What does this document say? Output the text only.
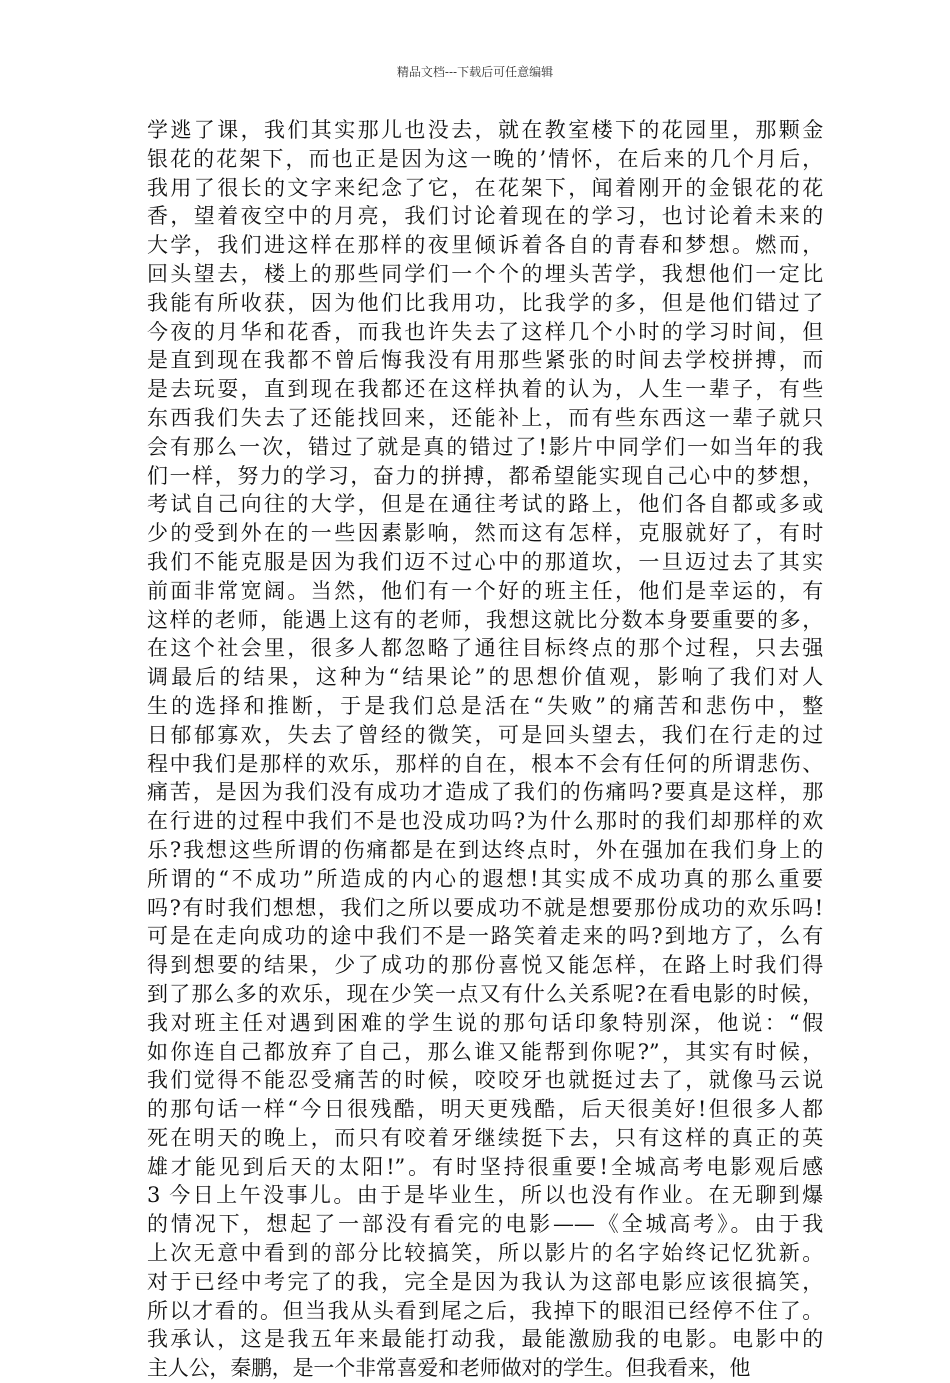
精品文档---下载后可任意编辑
学逃了课，我们其实那儿也没去，就在教室楼下的花园里，那颗金
银花的花架下，而也正是因为这一晚的’情怀，在后来的几个月后，
我用了很长的文字来纪念了它，在花架下，闻着刚开的金银花的花
香，望着夜空中的月亮，我们讨论着现在的学习，也讨论着未来的
大学，我们进这样在那样的夜里倾诉着各自的青春和梦想。燃而，
回头望去，楼上的那些同学们一个个的埋头苦学，我想他们一定比
我能有所收获，因为他们比我用功，比我学的多，但是他们错过了
今夜的月华和花香，而我也许失去了这样几个小时的学习时间，但
是直到现在我都不曾后悔我没有用那些紧张的时间去学校拼搏，而
是去玩耍，直到现在我都还在这样执着的认为，人生一辈子，有些
东西我们失去了还能找回来，还能补上，而有些东西这一辈子就只
会有那么一次，错过了就是真的错过了!影片中同学们一如当年的我
们一样，努力的学习，奋力的拼搏，都希望能实现自己心中的梦想，
考试自己向往的大学，但是在通往考试的路上，他们各自都或多或
少的受到外在的一些因素影响，然而这有怎样，克服就好了，有时
我们不能克服是因为我们迈不过心中的那道坎，一旦迈过去了其实
前面非常宽阔。当然，他们有一个好的班主任，他们是幸运的，有
这样的老师，能遇上这有的老师，我想这就比分数本身要重要的多，
在这个社会里，很多人都忽略了通往目标终点的那个过程，只去强
调最后的结果，这种为“结果论”的思想价值观，影响了我们对人
生的选择和推断，于是我们总是活在“失败”的痛苦和悲伤中，整
日郁郁寡欢，失去了曾经的微笑，可是回头望去，我们在行走的过
程中我们是那样的欢乐，那样的自在，根本不会有任何的所谓悲伤、
痛苦，是因为我们没有成功才造成了我们的伤痛吗?要真是这样，那
在行进的过程中我们不是也没成功吗?为什么那时的我们却那样的欢
乐?我想这些所谓的伤痛都是在到达终点时，外在强加在我们身上的
所谓的“不成功”所造成的内心的遐想!其实成不成功真的那么重要
吗?有时我们想想，我们之所以要成功不就是想要那份成功的欢乐吗!
可是在走向成功的途中我们不是一路笑着走来的吗?到地方了，么有
得到想要的结果，少了成功的那份喜悦又能怎样，在路上时我们得
到了那么多的欢乐，现在少笑一点又有什么关系呢?在看电影的时候，
我对班主任对遇到困难的学生说的那句话印象特别深，他说：“假
如你连自己都放弃了自己，那么谁又能帮到你呢?”，其实有时候，
我们觉得不能忍受痛苦的时候，咬咬牙也就挺过去了，就像马云说
的那句话一样“今日很残酷，明天更残酷，后天很美好!但很多人都
死在明天的晚上，而只有咬着牙继续挺下去，只有这样的真正的英
雄才能见到后天的太阳!”。有时坚持很重要!全城高考电影观后感
3 今日上午没事儿。由于是毕业生，所以也没有作业。在无聊到爆
的情况下，想起了一部没有看完的电影——《全城高考》。由于我
上次无意中看到的部分比较搞笑，所以影片的名字始终记忆犹新。
对于已经中考完了的我，完全是因为我认为这部电影应该很搞笑，
所以才看的。但当我从头看到尾之后，我掉下的眼泪已经停不住了。
我承认，这是我五年来最能打动我，最能激励我的电影。电影中的
主人公，秦鹏，是一个非常喜爱和老师做对的学生。但我看来，他
